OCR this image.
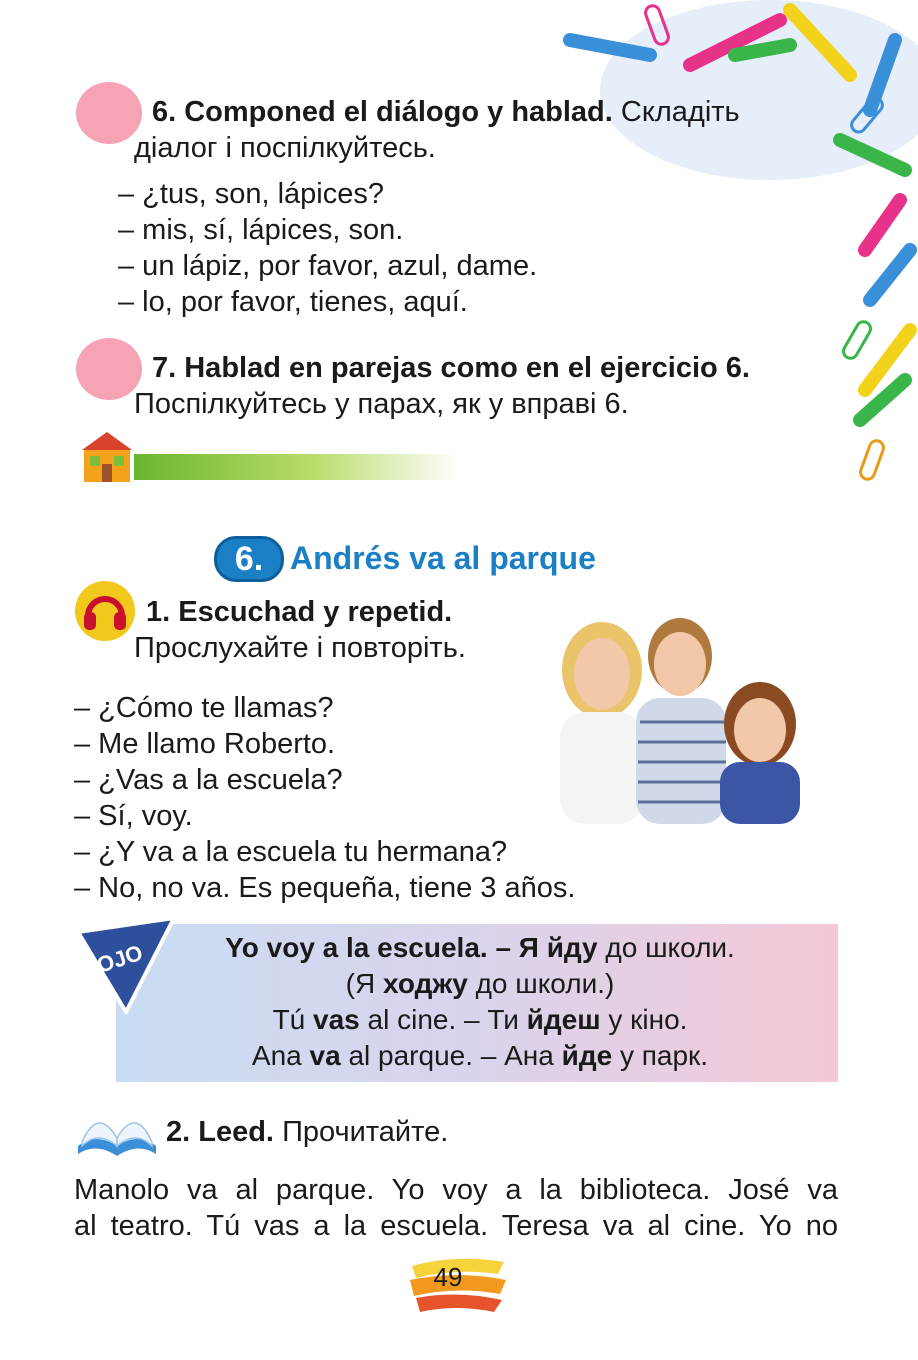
6. Componed el diálogo y hablad. Складіть
діалог і поспілкуйтесь.
– ¿tus, son, lápices?
– mis, sí, lápices, son.
– un lápiz, por favor, azul, dame.
– lo, por favor, tienes, aquí.
7. Hablad en parejas como en el ejercicio 6.
Поспілкуйтесь у парах, як у вправі 6.
6. Andrés va al parque
1. Escuchad y repetid.
Прослухайте і повторіть.
– ¿Cómo te llamas?
– Me llamo Roberto.
– ¿Vas a la escuela?
– Sí, voy.
– ¿Y va a la escuela tu hermana?
– No, no va. Es pequeña, tiene 3 años.
OJO	Yo voy a la escuela. – Я йду до школи.
(Я ходжу до школи.)
Tú vas al cine. – Ти йдеш у кіно.
Ana va al parque. – Ана йде у парк.
2. Leed. Прочитайте.
Manolo va al parque. Yo voy a la biblioteca. José va
al teatro. Tú vas a la escuela. Teresa va al cine. Yo no
49
